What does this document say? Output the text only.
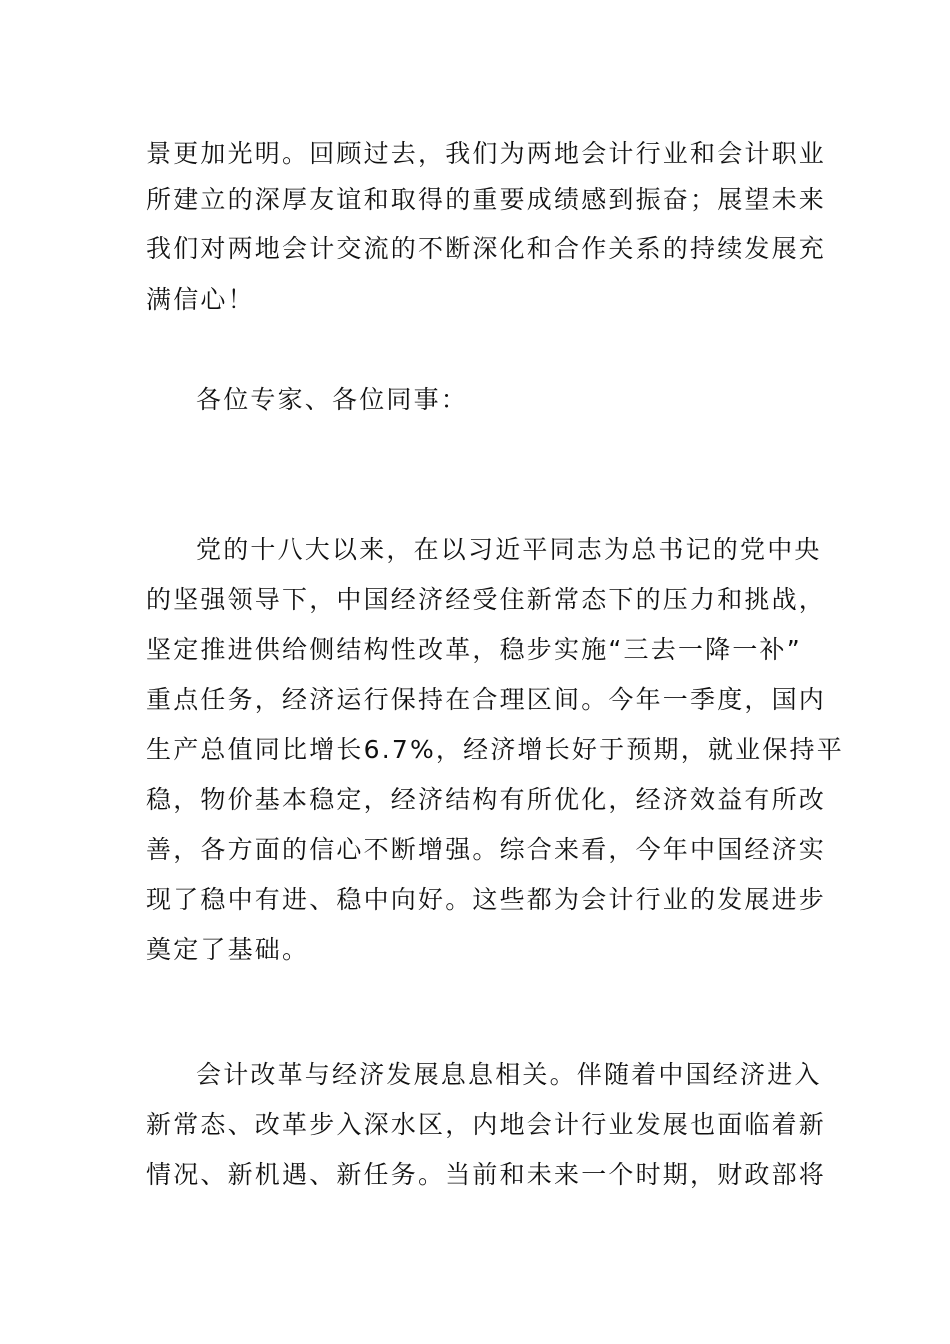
景更加光明。回顾过去，我们为两地会计行业和会计职业

所建立的深厚友谊和取得的重要成绩感到振奋；展望未来

我们对两地会计交流的不断深化和合作关系的持续发展充

满信心！

各位专家、各位同事：

党的十八大以来，在以习近平同志为总书记的党中央

的坚强领导下，中国经济经受住新常态下的压力和挑战，

坚定推进供给侧结构性改革，稳步实施“三去一降一补”

重点任务，经济运行保持在合理区间。今年一季度，国内

生产总值同比增长6.7%，经济增长好于预期，就业保持平

稳，物价基本稳定，经济结构有所优化，经济效益有所改

善，各方面的信心不断增强。综合来看，今年中国经济实

现了稳中有进、稳中向好。这些都为会计行业的发展进步

奠定了基础。

会计改革与经济发展息息相关。伴随着中国经济进入

新常态、改革步入深水区，内地会计行业发展也面临着新

情况、新机遇、新任务。当前和未来一个时期，财政部将
